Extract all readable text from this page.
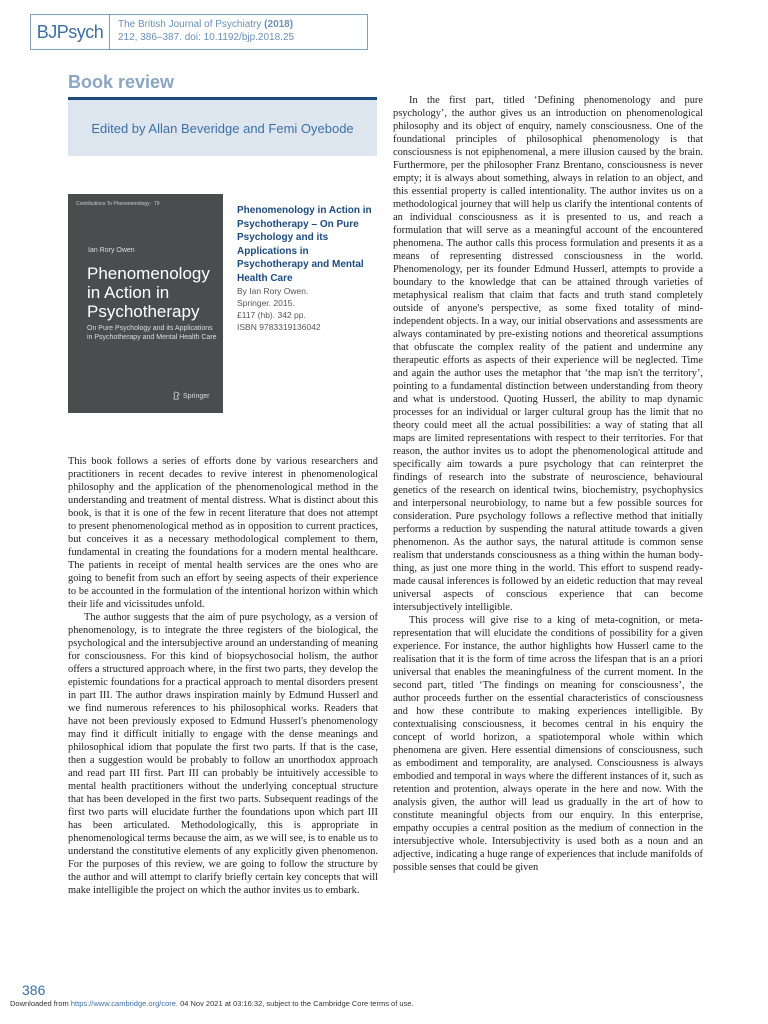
BJPsych	The British Journal of Psychiatry (2018)
212, 386–387. doi: 10.1192/bjp.2018.25
Book review
Edited by Allan Beveridge and Femi Oyebode
Contributions To Phenomenology · 79
Ian Rory Owen
Phenomenology in Action in Psychotherapy
On Pure Psychology and its Applications in Psychotherapy and Mental Health Care
Springer

Phenomenology in Action in Psychotherapy – On Pure Psychology and its Applications in Psychotherapy and Mental Health Care

By Ian Rory Owen.
Springer. 2015.
£117 (hb). 342 pp.
ISBN 9783319136042

This book follows a series of efforts done by various researchers and practitioners in recent decades to revive interest in phenomenological philosophy and the application of the phenomenological method in the understanding and treatment of mental distress. What is distinct about this book, is that it is one of the few in recent literature that does not attempt to present phenomenological method as in opposition to current practices, but conceives it as a necessary methodological complement to them, fundamental in creating the foundations for a modern mental healthcare. The patients in receipt of mental health services are the ones who are going to benefit from such an effort by seeing aspects of their experience to be accounted in the formulation of the intentional horizon within which their life and vicissitudes unfold.

The author suggests that the aim of pure psychology, as a version of phenomenology, is to integrate the three registers of the biological, the psychological and the intersubjective around an understanding of meaning for consciousness. For this kind of biopsychosocial holism, the author offers a structured approach where, in the first two parts, they develop the epistemic foundations for a practical approach to mental disorders present in part III. The author draws inspiration mainly by Edmund Husserl and we find numerous references to his philosophical works. Readers that have not been previously exposed to Edmund Husserl's phenomenology may find it difficult initially to engage with the dense meanings and philosophical idiom that populate the first two parts. If that is the case, then a suggestion would be probably to follow an unorthodox approach and read part III first. Part III can probably be intuitively accessible to mental health practitioners without the underlying conceptual structure that has been developed in the first two parts. Subsequent readings of the first two parts will elucidate further the foundations upon which part III has been articulated. Methodologically, this is appropriate in phenomenological terms because the aim, as we will see, is to enable us to understand the constitutive elements of any explicitly given phenomenon. For the purposes of this review, we are going to follow the structure by the author and will attempt to clarify briefly certain key concepts that will make intelligible the project on which the author invites us to embark.

In the first part, titled ‘Defining phenomenology and pure psychology’, the author gives us an introduction on phenomenological philosophy and its object of enquiry, namely consciousness. One of the foundational principles of philosophical phenomenology is that consciousness is not epiphenomenal, a mere illusion caused by the brain. Furthermore, per the philosopher Franz Brentano, consciousness is never empty; it is always about something, always in relation to an object, and this essential property is called intentionality. The author invites us on a methodological journey that will help us clarify the intentional contents of an individual consciousness as it is presented to us, and reach a formulation that will serve as a meaningful account of the encountered phenomena. The author calls this process formulation and presents it as a means of representing distressed consciousness in the world. Phenomenology, per its founder Edmund Husserl, attempts to provide a boundary to the knowledge that can be attained through varieties of metaphysical realism that claim that facts and truth stand completely outside of anyone's perspective, as some fixed totality of mind-independent objects. In a way, our initial observations and assessments are always contaminated by pre-existing notions and theoretical assumptions that obfuscate the complex reality of the patient and undermine any therapeutic efforts as aspects of their experience will be neglected. Time and again the author uses the metaphor that ‘the map isn't the territory’, pointing to a fundamental distinction between understanding from theory and what is understood. Quoting Husserl, the ability to map dynamic processes for an individual or larger cultural group has the limit that no theory could meet all the actual possibilities: a way of stating that all maps are limited representations with respect to their territories. For that reason, the author invites us to adopt the phenomenological attitude and specifically aim towards a pure psychology that can reinterpret the findings of research into the substrate of neuroscience, behavioural genetics of the research on identical twins, biochemistry, psychophysics and interpersonal neurobiology, to name but a few possible sources for consideration. Pure psychology follows a reflective method that initially performs a reduction by suspending the natural attitude towards a given phenomenon. As the author says, the natural attitude is common sense realism that understands consciousness as a thing within the human body-thing, as just one more thing in the world. This effort to suspend ready-made causal inferences is followed by an eidetic reduction that may reveal universal aspects of conscious experience that can become intersubjectively intelligible.

This process will give rise to a king of meta-cognition, or meta-representation that will elucidate the conditions of possibility for a given experience. For instance, the author highlights how Husserl came to the realisation that it is the form of time across the lifespan that is an a priori universal that enables the meaningfulness of the current moment. In the second part, titled ‘The findings on meaning for consciousness’, the author proceeds further on the essential characteristics of consciousness and how these contribute to making experiences intelligible. By contextualising consciousness, it becomes central in his enquiry the concept of world horizon, a spatiotemporal whole within which phenomena are given. Here essential dimensions of consciousness, such as embodiment and temporality, are analysed. Consciousness is always embodied and temporal in ways where the different instances of it, such as retention and protention, always operate in the here and now. With the analysis given, the author will lead us gradually in the art of how to constitute meaningful objects from our enquiry. In this enterprise, empathy occupies a central position as the medium of connection in the intersubjective whole. Intersubjectivity is used both as a noun and an adjective, indicating a huge range of experiences that include manifolds of possible senses that could be given

386
Downloaded from https://www.cambridge.org/core. 04 Nov 2021 at 03:16:32, subject to the Cambridge Core terms of use.
